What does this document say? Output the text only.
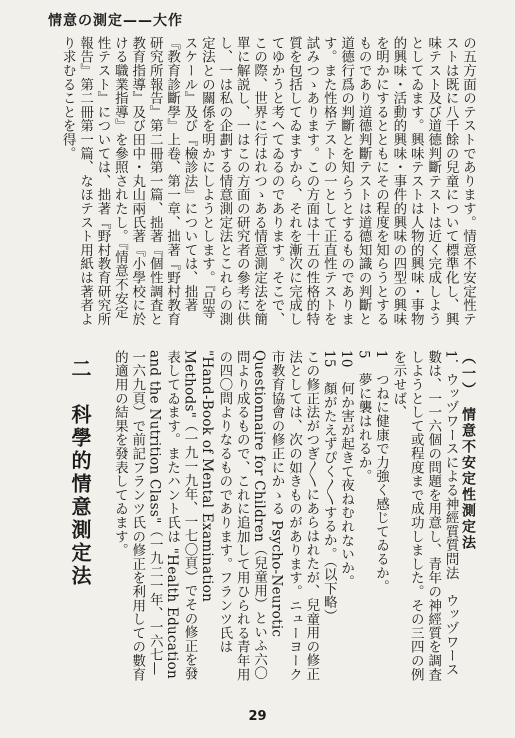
情意の測定——大作

の五方面のテストであります。情意不安定性テストは既に八千餘の兒童について標準化し、興味テスト及び道德判斷テストは近く完成しようとしてゐます。興味テストは人物的興味・事物的興味・活動的興味・事件的興味の四型の興味を明かにするとともにその程度を知らうとするものであり道德判斷テストは道德知識の判斷と道德行爲の判斷とを知らうとするものであります。また性格テストの一として正直性テストを試みつゝあります。この方面は十五の性格的特質を包括してゐますから、それを漸次に完成してゆかうと考へてゐるのであります。そこで、この際、世界に行はれつゝある情意測定法を簡單に解説し、一はこの方面の研究者の參考に供し、一は私の企劃する情意測定法とこれらの測定法との關係を明かにしようとします。『品等スケール』及び『檢診法』については、拙著『教育診斷學』上卷、第一章、拙著『野村教育研究所報告』第二冊第一篇、拙著『個性調査と教育指導』及び田中・丸山兩氏著『小學校に於ける職業指導』を參照されたし。『情意不安定性テスト』については、拙著『野村教育研究所報告』第二冊第一篇、なほテスト用紙は著者より求むることを得。

（一）　情意不安定性測定法

1．ウッヅワースによる神經質質問法　ウッヅワース數は、一一六個の問題を用意し、青年の神經質を調査しようとして或程度まで成功しました。その三四の例を示せば、

1　つねに健康で力強く感じてゐるか。

5　夢に襲はれるか。

10　何か害が起きて夜ねむれないか。

15　顏がたえずぴく〳〵するか。（以下略）

この修正法がつぎ〳〵にあらはれたが、兒童用の修正法としては、次の如きものがあります。ニューヨーク市教育協會の修正にかゝる Psycho-Neurotic Questionnaire for Children（兒童用）といふ六〇問より成るもので、これに追加して用ひられる青年用の四〇問よりなるものであります。フランツ氏は "Hand-Book of Mental Examination Methods"（一九一九年、一七〇頁）でその修正を發表してゐます。またハント氏は "Health Education and the Nutrition Class"（一九二一年、一六七—一六九頁）で前記フランツ氏の修正を利用しての數育的適用の結果を發表してゐます。

二　科學的情意測定法
29
